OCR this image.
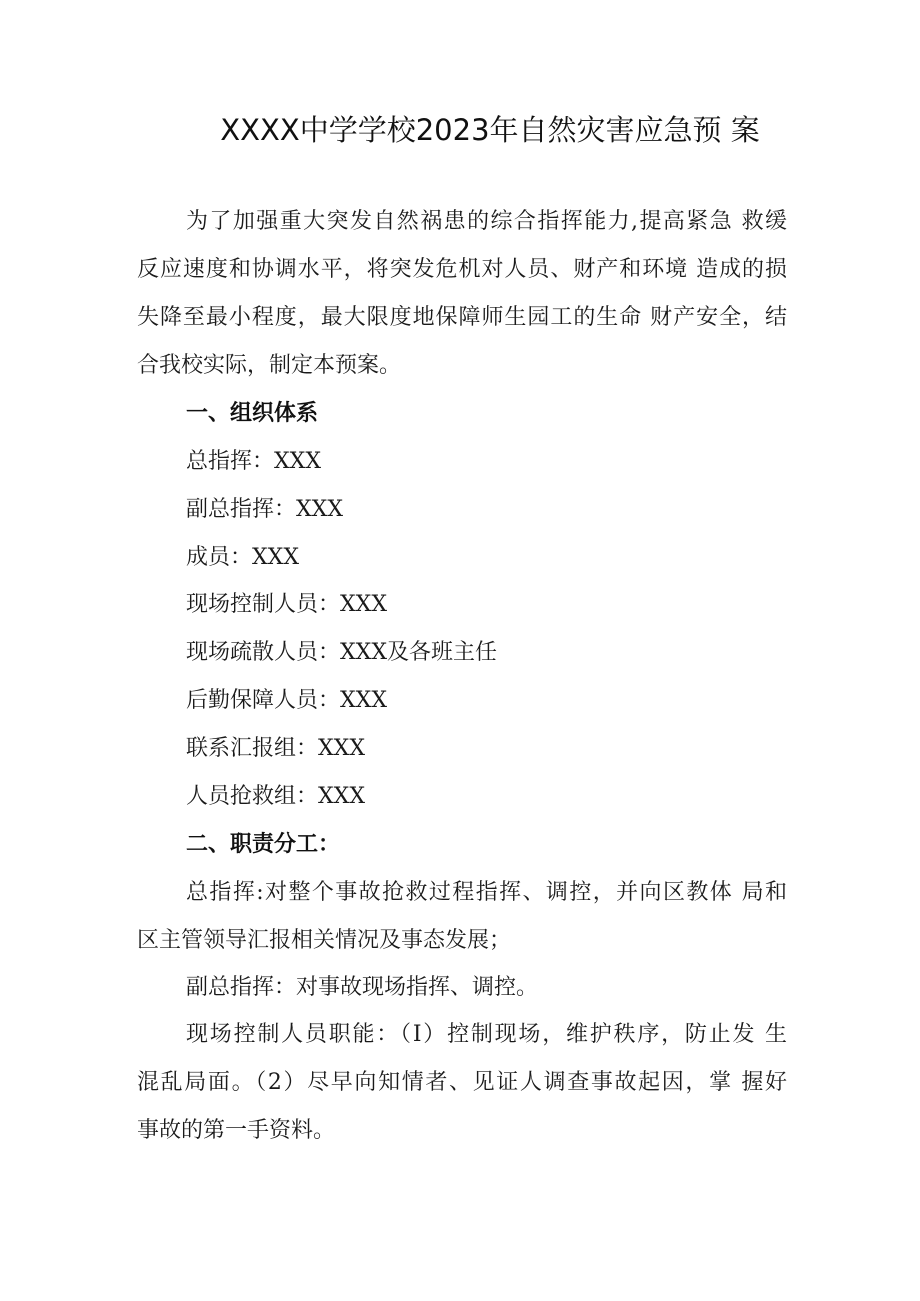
XXXX中学学校2023年自然灾害应急预 案
为了加强重大突发自然祸患的综合指挥能力,提高紧急 救缓
反应速度和协调水平，将突发危机对人员、财产和环境 造成的损
失降至最小程度，最大限度地保障师生园工的生命 财产安全，结
合我校实际，制定本预案。
一、组织体系
总指挥：XXX
副总指挥：XXX
成员：XXX
现场控制人员：XXX
现场疏散人员：XXX及各班主任
后勤保障人员：XXX
联系汇报组：XXX
人员抢救组：XXX
二、职责分工：
总指挥:对整个事故抢救过程指挥、调控，并向区教体 局和
区主管领导汇报相关情况及事态发展；
副总指挥：对事故现场指挥、调控。
现场控制人员职能：（I）控制现场，维护秩序，防止发 生
混乱局面。（2）尽早向知情者、见证人调查事故起因，掌 握好
事故的第一手资料。
